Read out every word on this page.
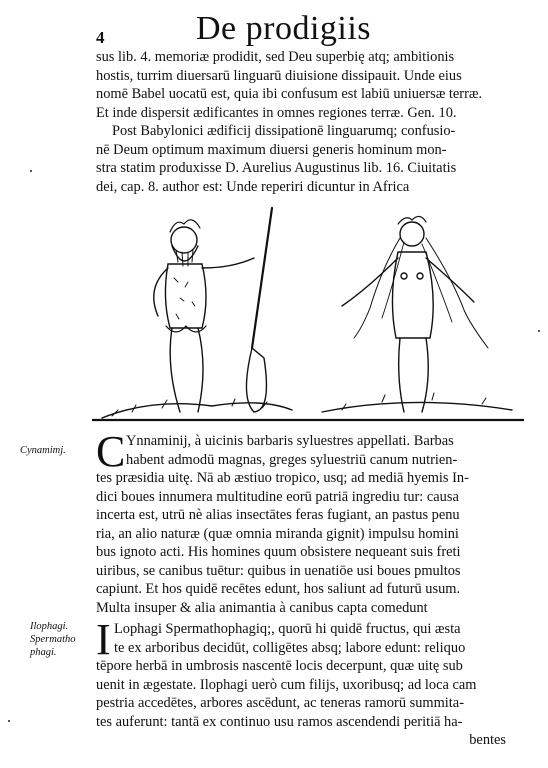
4	De prodigiis
sus lib. 4. memoriæ prodidit, sed Deu superbię atq; ambitionis
hostis, turrim diuersarū linguarū diuisione dissipauit. Unde eius
nomē Babel uocatū est, quia ibi confusum est labiū uniuersæ terræ.
Et inde dispersit ædificantes in omnes regiones terræ. Gen. 10.
Post Babylonici ædificij dissipationē linguarumq; confusio-
nē Deum optimum maximum diuersi generis hominum mon-
stra statim produxisse D. Aurelius Augustinus lib. 16. Ciuitatis
dei, cap. 8. author est: Unde reperiri dicuntur in Africa
Cynamimj. C Ynnaminij, à uicinis barbaris syluestres appellati. Barbas
habent admodū magnas, greges syluestriū canum nutrien-
tes præsidia uitę. Nā ab æstiuo tropico, usq; ad mediā hyemis In-
dici boues innumera multitudine eorū patriā ingrediu tur: causa
incerta est, utrū nè alias insectātes feras fugiant, an pastus penu
ria, an alio naturæ (quæ omnia miranda gignit) impulsu homini
bus ignoto acti. His homines quum obsistere nequeant suis freti
uiribus, se canibus tuētur: quibus in uenatiōe usi boues pmultos
capiunt. Et hos quidē recētes edunt, hos saliunt ad futurū usum.
Multa insuper & alia animantia à canibus capta comedunt
Ilophagi.
Spermatho
phagi. I Lophagi Spermathophagiq;, quorū hi quidē fructus, qui æsta
te ex arboribus decidūt, colligētes absq; labore edunt: reliquo
tēpore herbā in umbrosis nascentē locis decerpunt, quæ uitę sub
uenit in ægestate. Ilophagi uerò cum filijs, uxoribusq; ad loca cam
pestria accedētes, arbores ascēdunt, ac teneras ramorū summita-
tes auferunt: tantā ex continuo usu ramos ascendendi peritiā ha-
bentes
